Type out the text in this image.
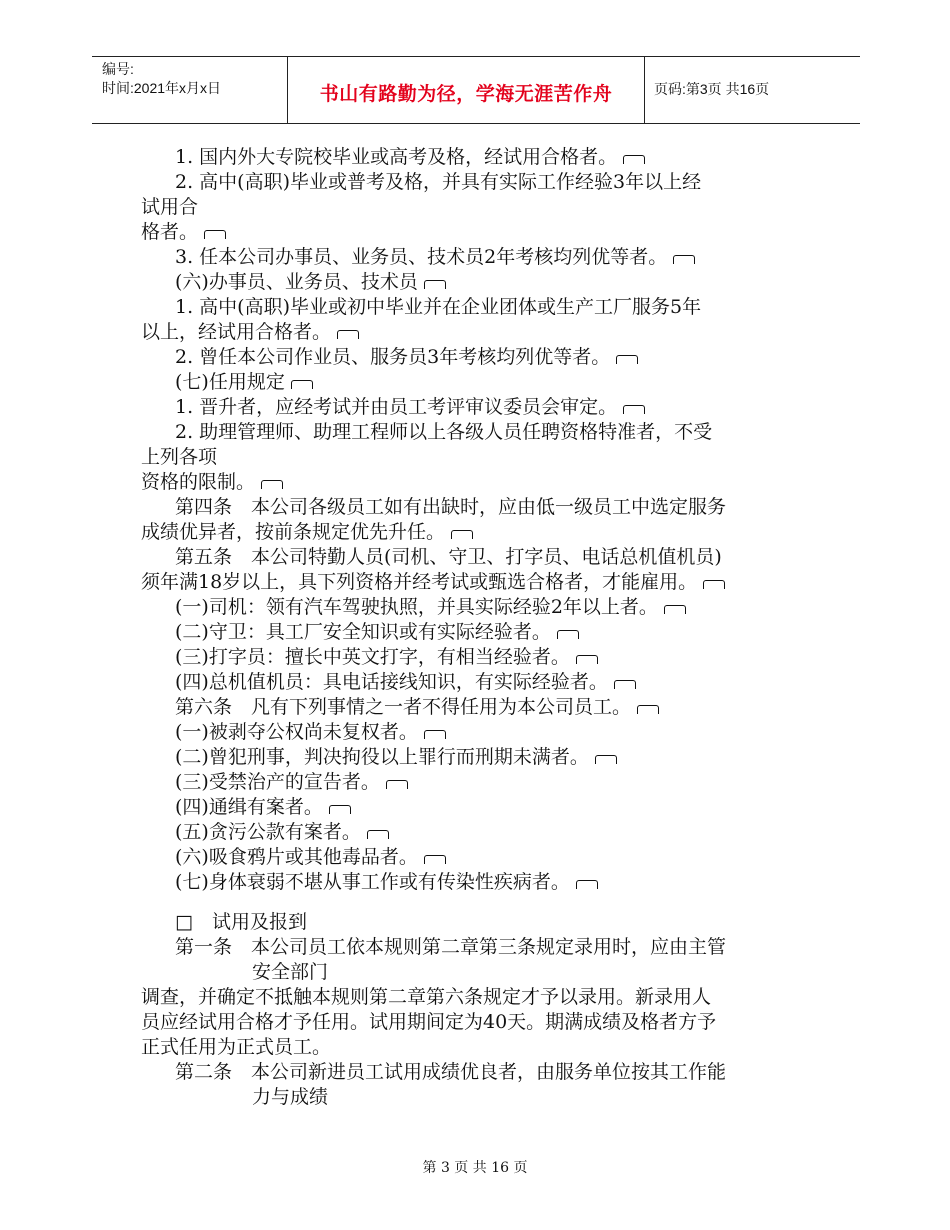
编号:
时间:2021年x月x日	书山有路勤为径，学海无涯苦作舟	页码:第3页 共16页
1. 国内外大专院校毕业或高考及格，经试用合格者。
2. 高中(高职)毕业或普考及格，并具有实际工作经验3年以上经
试用合
格者。
3. 任本公司办事员、业务员、技术员2年考核均列优等者。
(六)办事员、业务员、技术员
1. 高中(高职)毕业或初中毕业并在企业团体或生产工厂服务5年
以上，经试用合格者。
2. 曾任本公司作业员、服务员3年考核均列优等者。
(七)任用规定
1. 晋升者，应经考试并由员工考评审议委员会审定。
2. 助理管理师、助理工程师以上各级人员任聘资格特准者，不受
上列各项
资格的限制。
第四条　本公司各级员工如有出缺时，应由低一级员工中选定服务
成绩优异者，按前条规定优先升任。
第五条　本公司特勤人员(司机、守卫、打字员、电话总机值机员)
须年满18岁以上，具下列资格并经考试或甄选合格者，才能雇用。
(一)司机：领有汽车驾驶执照，并具实际经验2年以上者。
(二)守卫：具工厂安全知识或有实际经验者。
(三)打字员：擅长中英文打字，有相当经验者。
(四)总机值机员：具电话接线知识，有实际经验者。
第六条　凡有下列事情之一者不得任用为本公司员工。
(一)被剥夺公权尚未复权者。
(二)曾犯刑事，判决拘役以上罪行而刑期未满者。
(三)受禁治产的宣告者。
(四)通缉有案者。
(五)贪污公款有案者。
(六)吸食鸦片或其他毒品者。
(七)身体衰弱不堪从事工作或有传染性疾病者。
□　试用及报到
第一条　本公司员工依本规则第二章第三条规定录用时，应由主管
安全部门
调查，并确定不抵触本规则第二章第六条规定才予以录用。新录用人
员应经试用合格才予任用。试用期间定为40天。期满成绩及格者方予
正式任用为正式员工。
第二条　本公司新进员工试用成绩优良者，由服务单位按其工作能
力与成绩
第 3 页 共 16 页
